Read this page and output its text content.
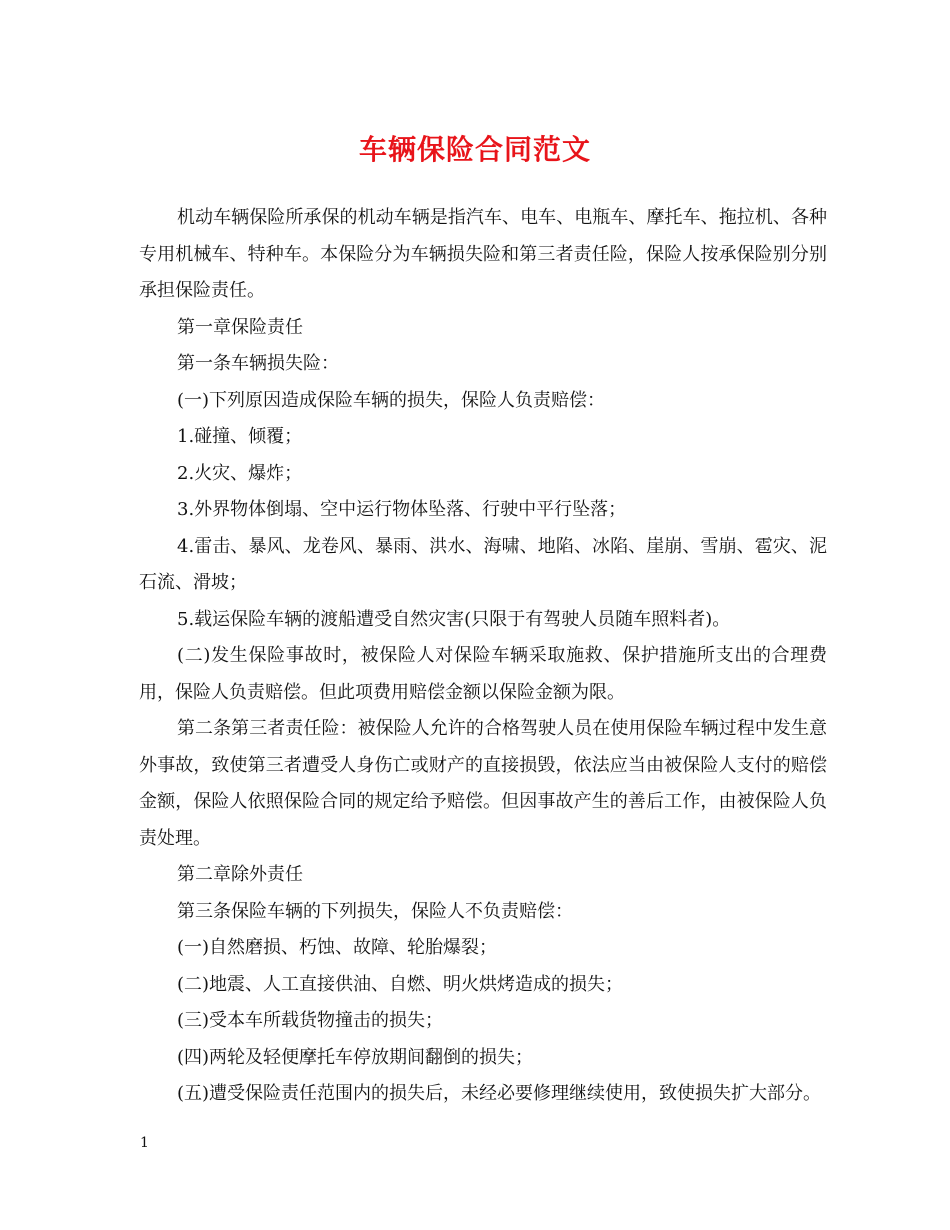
车辆保险合同范文

机动车辆保险所承保的机动车辆是指汽车、电车、电瓶车、摩托车、拖拉机、各种专用机械车、特种车。本保险分为车辆损失险和第三者责任险，保险人按承保险别分别承担保险责任。

第一章保险责任

第一条车辆损失险：

(一)下列原因造成保险车辆的损失，保险人负责赔偿：

1.碰撞、倾覆；

2.火灾、爆炸；

3.外界物体倒塌、空中运行物体坠落、行驶中平行坠落；

4.雷击、暴风、龙卷风、暴雨、洪水、海啸、地陷、冰陷、崖崩、雪崩、雹灾、泥石流、滑坡；

5.载运保险车辆的渡船遭受自然灾害(只限于有驾驶人员随车照料者)。

(二)发生保险事故时，被保险人对保险车辆采取施救、保护措施所支出的合理费用，保险人负责赔偿。但此项费用赔偿金额以保险金额为限。

第二条第三者责任险：被保险人允许的合格驾驶人员在使用保险车辆过程中发生意外事故，致使第三者遭受人身伤亡或财产的直接损毁，依法应当由被保险人支付的赔偿金额，保险人依照保险合同的规定给予赔偿。但因事故产生的善后工作，由被保险人负责处理。

第二章除外责任

第三条保险车辆的下列损失，保险人不负责赔偿：

(一)自然磨损、朽蚀、故障、轮胎爆裂；

(二)地震、人工直接供油、自燃、明火烘烤造成的损失；

(三)受本车所载货物撞击的损失；

(四)两轮及轻便摩托车停放期间翻倒的损失；

(五)遭受保险责任范围内的损失后，未经必要修理继续使用，致使损失扩大部分。

1
